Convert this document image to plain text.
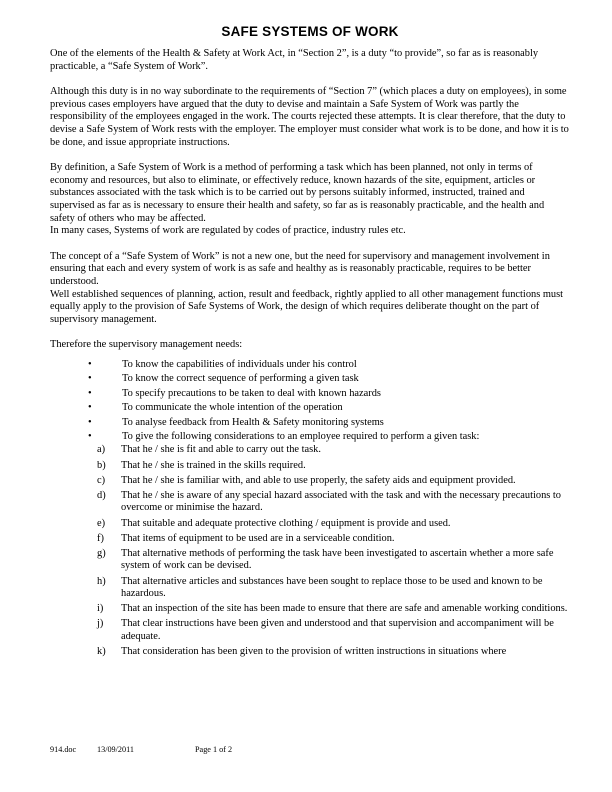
SAFE SYSTEMS OF WORK

One of the elements of the Health & Safety at Work Act, in “Section 2”, is a duty “to provide”, so far as is reasonably practicable, a “Safe System of Work”.

Although this duty is in no way subordinate to the requirements of “Section 7” (which places a duty on employees), in some previous cases employers have argued that the duty to devise and maintain a Safe System of Work was partly the responsibility of the employees engaged in the work. The courts rejected these attempts. It is clear therefore, that the duty to devise a Safe System of Work rests with the employer. The employer must consider what work is to be done, and how it is to be done, and issue appropriate instructions.

By definition, a Safe System of Work is a method of performing a task which has been planned, not only in terms of economy and resources, but also to eliminate, or effectively reduce, known hazards of the site, equipment, articles or substances associated with the task which is to be carried out by persons suitably informed, instructed, trained and supervised as far as is necessary to ensure their health and safety, so far as is reasonably practicable, and the health and safety of others who may be affected.

In many cases, Systems of work are regulated by codes of practice, industry rules etc.

The concept of a “Safe System of Work” is not a new one, but the need for supervisory and management involvement in ensuring that each and every system of work is as safe and healthy as is reasonably practicable, requires to be better understood.

Well established sequences of planning, action, result and feedback, rightly applied to all other management functions must equally apply to the provision of Safe Systems of Work, the design of which requires deliberate thought on the part of supervisory management.

Therefore the supervisory management needs:

•	To know the capabilities of individuals under his control
•	To know the correct sequence of performing a given task
•	To specify precautions to be taken to deal with known hazards
•	To communicate the whole intention of the operation
•	To analyse feedback from Health & Safety monitoring systems
•	To give the following considerations to an employee required to perform a given task:
a) That he / she is fit and able to carry out the task.
b) That he / she is trained in the skills required.
c) That he / she is familiar with, and able to use properly, the safety aids and equipment provided.
d) That he / she is aware of any special hazard associated with the task and with the necessary precautions to overcome or minimise the hazard.
e) That suitable and adequate protective clothing / equipment is provide and used.
f) That items of equipment to be used are in a serviceable condition.
g) That alternative methods of performing the task have been investigated to ascertain whether a more safe system of work can be devised.
h) That alternative articles and substances have been sought to replace those to be used and known to be hazardous.
i) That an inspection of the site has been made to ensure that there are safe and amenable working conditions.
j) That clear instructions have been given and understood and that supervision and accompaniment will be adequate.
k) That consideration has been given to the provision of written instructions in situations where
914.doc	13/09/2011	Page 1 of 2
